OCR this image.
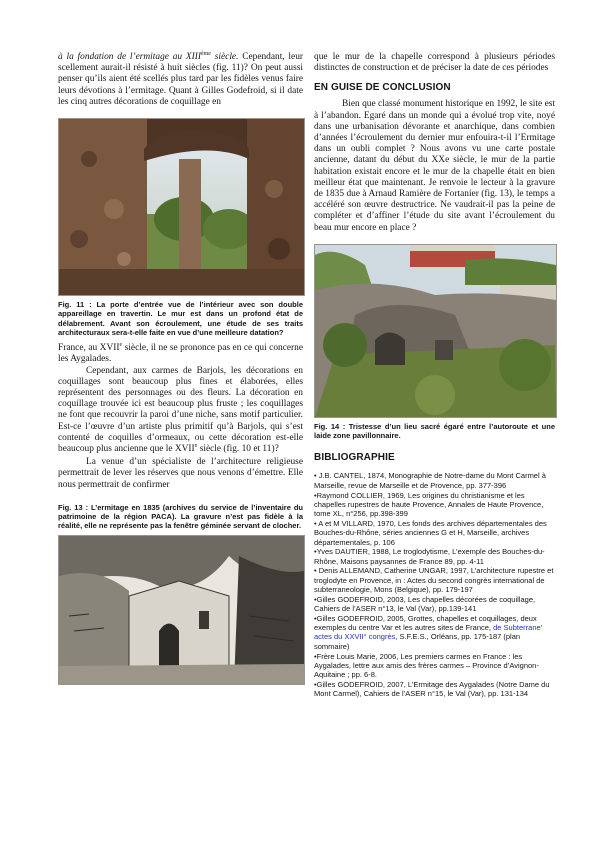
à la fondation de l’ermitage au XIIIème siècle. Cependant, leur scellement aurait-il résisté à huit siècles (fig. 11)? On peut aussi penser qu’ils aient été scellés plus tard par les fidèles venus faire leurs dévotions à l’ermitage. Quant à Gilles Godefroid, si il date les cinq autres décorations de coquillage en

Fig. 11 : La porte d’entrée vue de l’intérieur avec son double appareillage en travertin. Le mur est dans un profond état de délabrement. Avant son écroulement, une étude de ses traits architecturaux sera-t-elle faite en vue d’une meilleure datation?

France, au XVIIe siècle, il ne se prononce pas en ce qui concerne les Aygalades.

Cependant, aux carmes de Barjols, les décorations en coquillages sont beaucoup plus fines et élaborées, elles représentent des personnages ou des fleurs. La décoration en coquillage trouvée ici est beaucoup plus fruste ; les coquillages ne font que recouvrir la paroi d’une niche, sans motif particulier. Est-ce l’œuvre d’un artiste plus primitif qu’à Barjols, qui s’est contenté de coquilles d’ormeaux, ou cette décoration est-elle beaucoup plus ancienne que le XVIIe siècle (fig. 10 et 11)?

La venue d’un spécialiste de l’architecture religieuse permettrait de lever les réserves que nous venons d’émettre. Elle nous permettrait de confirmer

Fig. 13 : L’ermitage en 1835 (archives du service de l’inventaire du patrimoine de la région PACA). La gravure n’est pas fidèle à la réalité, elle ne représente pas la fenêtre géminée servant de clocher.

que le mur de la chapelle correspond à plusieurs périodes distinctes de construction et de préciser la date de ces périodes

EN GUISE DE CONCLUSION

Bien que classé monument historique en 1992, le site est à l’abandon. Egaré dans un monde qui a évolué trop vite, noyé dans une urbanisation dévorante et anarchique, dans combien d’années l’écroulement du dernier mur enfouira-t-il l’Ermitage dans un oubli complet ? Nous avons vu une carte postale ancienne, datant du début du XXe siècle, le mur de la partie habitation existait encore et le mur de la chapelle était en bien meilleur état que maintenant. Je renvoie le lecteur à la gravure de 1835 due à Arnaud Ramière de Fortanier (fig. 13), le temps a accéléré son œuvre destructrice. Ne vaudrait-il pas la peine de compléter et d’affiner l’étude du site avant l’écroulement du beau mur encore en place ?

Fig. 14 : Tristesse d’un lieu sacré égaré entre l’autoroute et une laide zone pavillonnaire.
BIBLIOGRAPHIE

• J.B. CANTEL, 1874, Monographie de Notre-dame du Mont Carmel à Marseille, revue de Marseille et de Provence, pp. 377-396

•Raymond COLLIER, 1969, Les origines du christianisme et les chapelles rupestres de haute Provence, Annales de Haute Provence, tome XL, n°256, pp.398-399

• A et M VILLARD, 1970, Les fonds des archives départementales des Bouches-du-Rhône, séries anciennes G et H, Marseille, archives départementales, p. 106

•Yves DAUTIER, 1988, Le troglodytisme, L’exemple des Bouches-du-Rhône, Maisons paysannes de France 89, pp. 4-11

• Denis ALLEMAND, Catherine UNGAR, 1997, L’architecture rupestre et troglodyte en Provence, in : Actes du second congrès international de subterraneologie, Mons (Belgique), pp. 179-197

•Gilles GODEFROID, 2003, Les chapelles décorées de coquillage, Cahiers de l’ASER n°13, le Val (Var), pp.139-141

•Gilles GODEFROID, 2005, Grottes, chapelles et coquillages, deux exemples du centre Var et les autres sites de France, de Subterrane’ actes du XXVII° congrès, S.F.E.S., Orléans, pp. 175-187 (plan sommaire)

•Frère Louis Marie, 2006, Les premiers carmes en France : les Aygalades, lettre aux amis des frères carmes – Province d’Avignon-Aquitaine ; pp. 6-8.

•Gilles GODEFROID, 2007, L’Ermitage des Aygalades (Notre Dame du Mont Carmel), Cahiers de l’ASER n°15, le Val (Var), pp. 131-134
